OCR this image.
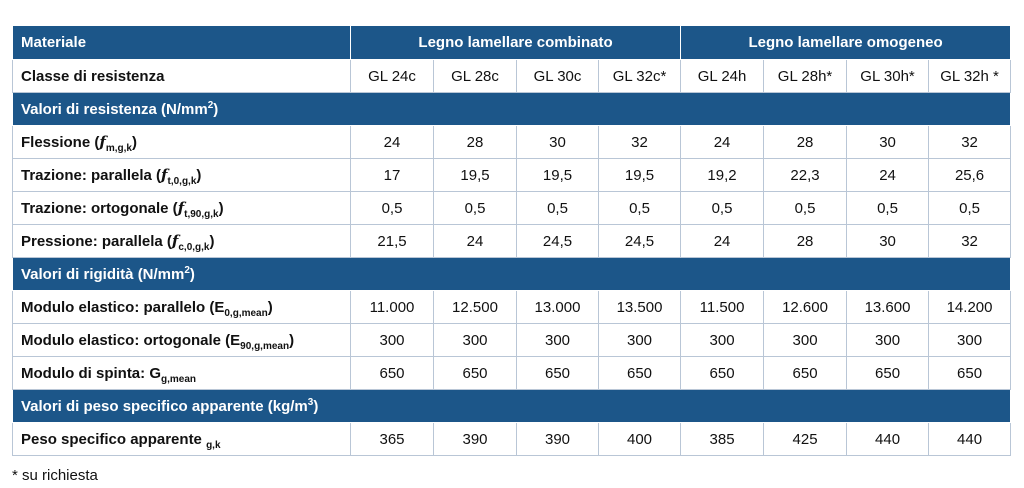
Materiale	Legno lamellare combinato				Legno lamellare omogeneo			
Classe di resistenza	GL 24c	GL 28c	GL 30c	GL 32c*	GL 24h	GL 28h*	GL 30h*	GL 32h *
Valori di resistenza $(N/mm^2)$								
Flessione $(f_{m,g,k})$	24	28	30	32	24	28	30	32
Trazione: parallela $(f_{t,0,g,k})$	17	19,5	19,5	19,5	19,2	22,3	24	25,6
Trazione: ortogonale $(f_{t,90,g,k})$	0,5	0,5	0,5	0,5	0,5	0,5	0,5	0,5
Pressione: parallela $(f_{c,0,g,k})$	21,5	24	24,5	24,5	24	28	30	32
Valori di rigidità $(N/mm^2)$								
Modulo elastico: parallelo $(E_{0,g,mean})$	11.000	12.500	13.000	13.500	11.500	12.600	13.600	14.200
Modulo elastico: ortogonale $(E_{90,g,mean})$	300	300	300	300	300	300	300	300
Modulo di spinta: $G_{g,mean}$	650	650	650	650	650	650	650	650
Valori di peso specifico apparente $(kg/m^3)$								
Peso specifico apparente $_{g,k}$	365	390	390	400	385	425	440	440
* su richiesta
